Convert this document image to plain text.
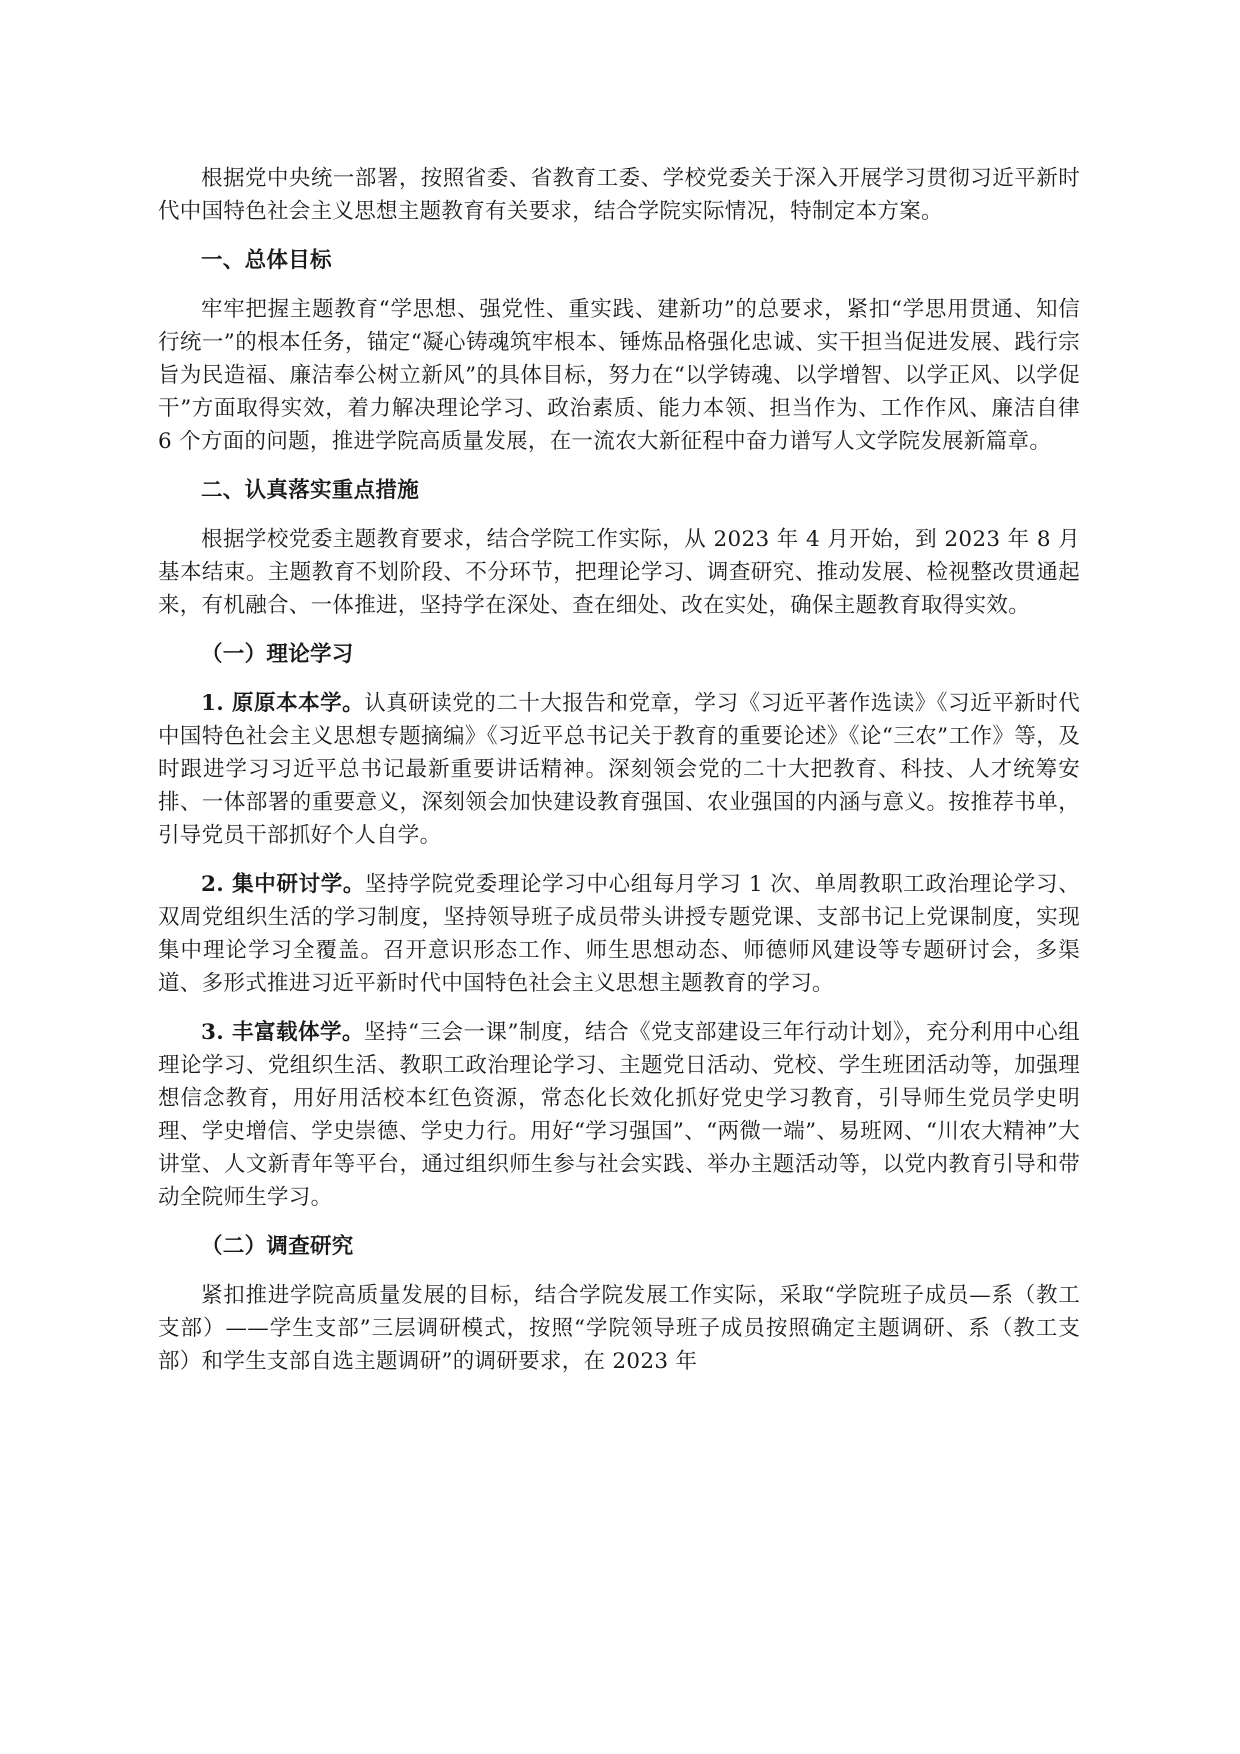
根据党中央统一部署，按照省委、省教育工委、学校党委关于深入开展学习贯彻习近平新时代中国特色社会主义思想主题教育有关要求，结合学院实际情况，特制定本方案。

一、总体目标

牢牢把握主题教育“学思想、强党性、重实践、建新功”的总要求，紧扣“学思用贯通、知信行统一”的根本任务，锚定“凝心铸魂筑牢根本、锤炼品格强化忠诚、实干担当促进发展、践行宗旨为民造福、廉洁奉公树立新风”的具体目标，努力在“以学铸魂、以学增智、以学正风、以学促干”方面取得实效，着力解决理论学习、政治素质、能力本领、担当作为、工作作风、廉洁自律 6 个方面的问题，推进学院高质量发展，在一流农大新征程中奋力谱写人文学院发展新篇章。

二、认真落实重点措施

根据学校党委主题教育要求，结合学院工作实际，从 2023 年 4 月开始，到 2023 年 8 月基本结束。主题教育不划阶段、不分环节，把理论学习、调查研究、推动发展、检视整改贯通起来，有机融合、一体推进，坚持学在深处、查在细处、改在实处，确保主题教育取得实效。

（一）理论学习

1. 原原本本学。认真研读党的二十大报告和党章，学习《习近平著作选读》《习近平新时代中国特色社会主义思想专题摘编》《习近平总书记关于教育的重要论述》《论“三农”工作》等，及时跟进学习习近平总书记最新重要讲话精神。深刻领会党的二十大把教育、科技、人才统筹安排、一体部署的重要意义，深刻领会加快建设教育强国、农业强国的内涵与意义。按推荐书单，引导党员干部抓好个人自学。

2. 集中研讨学。坚持学院党委理论学习中心组每月学习 1 次、单周教职工政治理论学习、双周党组织生活的学习制度，坚持领导班子成员带头讲授专题党课、支部书记上党课制度，实现集中理论学习全覆盖。召开意识形态工作、师生思想动态、师德师风建设等专题研讨会，多渠道、多形式推进习近平新时代中国特色社会主义思想主题教育的学习。

3. 丰富载体学。坚持“三会一课”制度，结合《党支部建设三年行动计划》，充分利用中心组理论学习、党组织生活、教职工政治理论学习、主题党日活动、党校、学生班团活动等，加强理想信念教育，用好用活校本红色资源，常态化长效化抓好党史学习教育，引导师生党员学史明理、学史增信、学史崇德、学史力行。用好“学习强国”、“两微一端”、易班网、“川农大精神”大讲堂、人文新青年等平台，通过组织师生参与社会实践、举办主题活动等，以党内教育引导和带动全院师生学习。

（二）调查研究

紧扣推进学院高质量发展的目标，结合学院发展工作实际，采取“学院班子成员—系（教工支部）——学生支部”三层调研模式，按照“学院领导班子成员按照确定主题调研、系（教工支部）和学生支部自选主题调研”的调研要求，在 2023 年
